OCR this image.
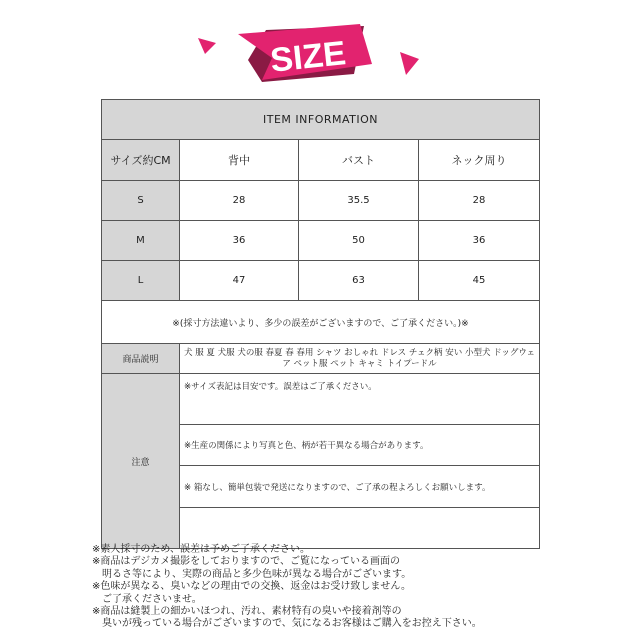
SIZE
ITEM INFORMATION			
サイズ約CM	背中	バスト	ネック周り
S	28	35.5	28
M	36	50	36
L	47	63	45
※(採寸方法違いより、多少の誤差がございますので、ご了承ください。)※			
商品説明	犬 服 夏 犬服 犬の服 春夏 春 春用 シャツ おしゃれ ドレス チェク柄 安い 小型犬 ドッグウェア ペット服 ペット キャミ トイプードル		
注意	※サイズ表記は目安です。誤差はご了承ください。		
	※生産の関係により写真と色、柄が若干異なる場合があります。		
	※ 箱なし、簡単包装で発送になりますので、ご了承の程よろしくお願いします。		

※素人採寸のため、誤差は予めご了承ください。
※商品はデジカメ撮影をしておりますので、ご覧になっている画面の
　明るさ等により、実際の商品と多少色味が異なる場合がございます。
※色味が異なる、臭いなどの理由での交換、返金はお受け致しません。
　ご了承くださいませ。
※商品は縫製上の細かいほつれ、汚れ、素材特有の臭いや接着剤等の
　臭いが残っている場合がございますので、気になるお客様はご購入をお控え下さい。
